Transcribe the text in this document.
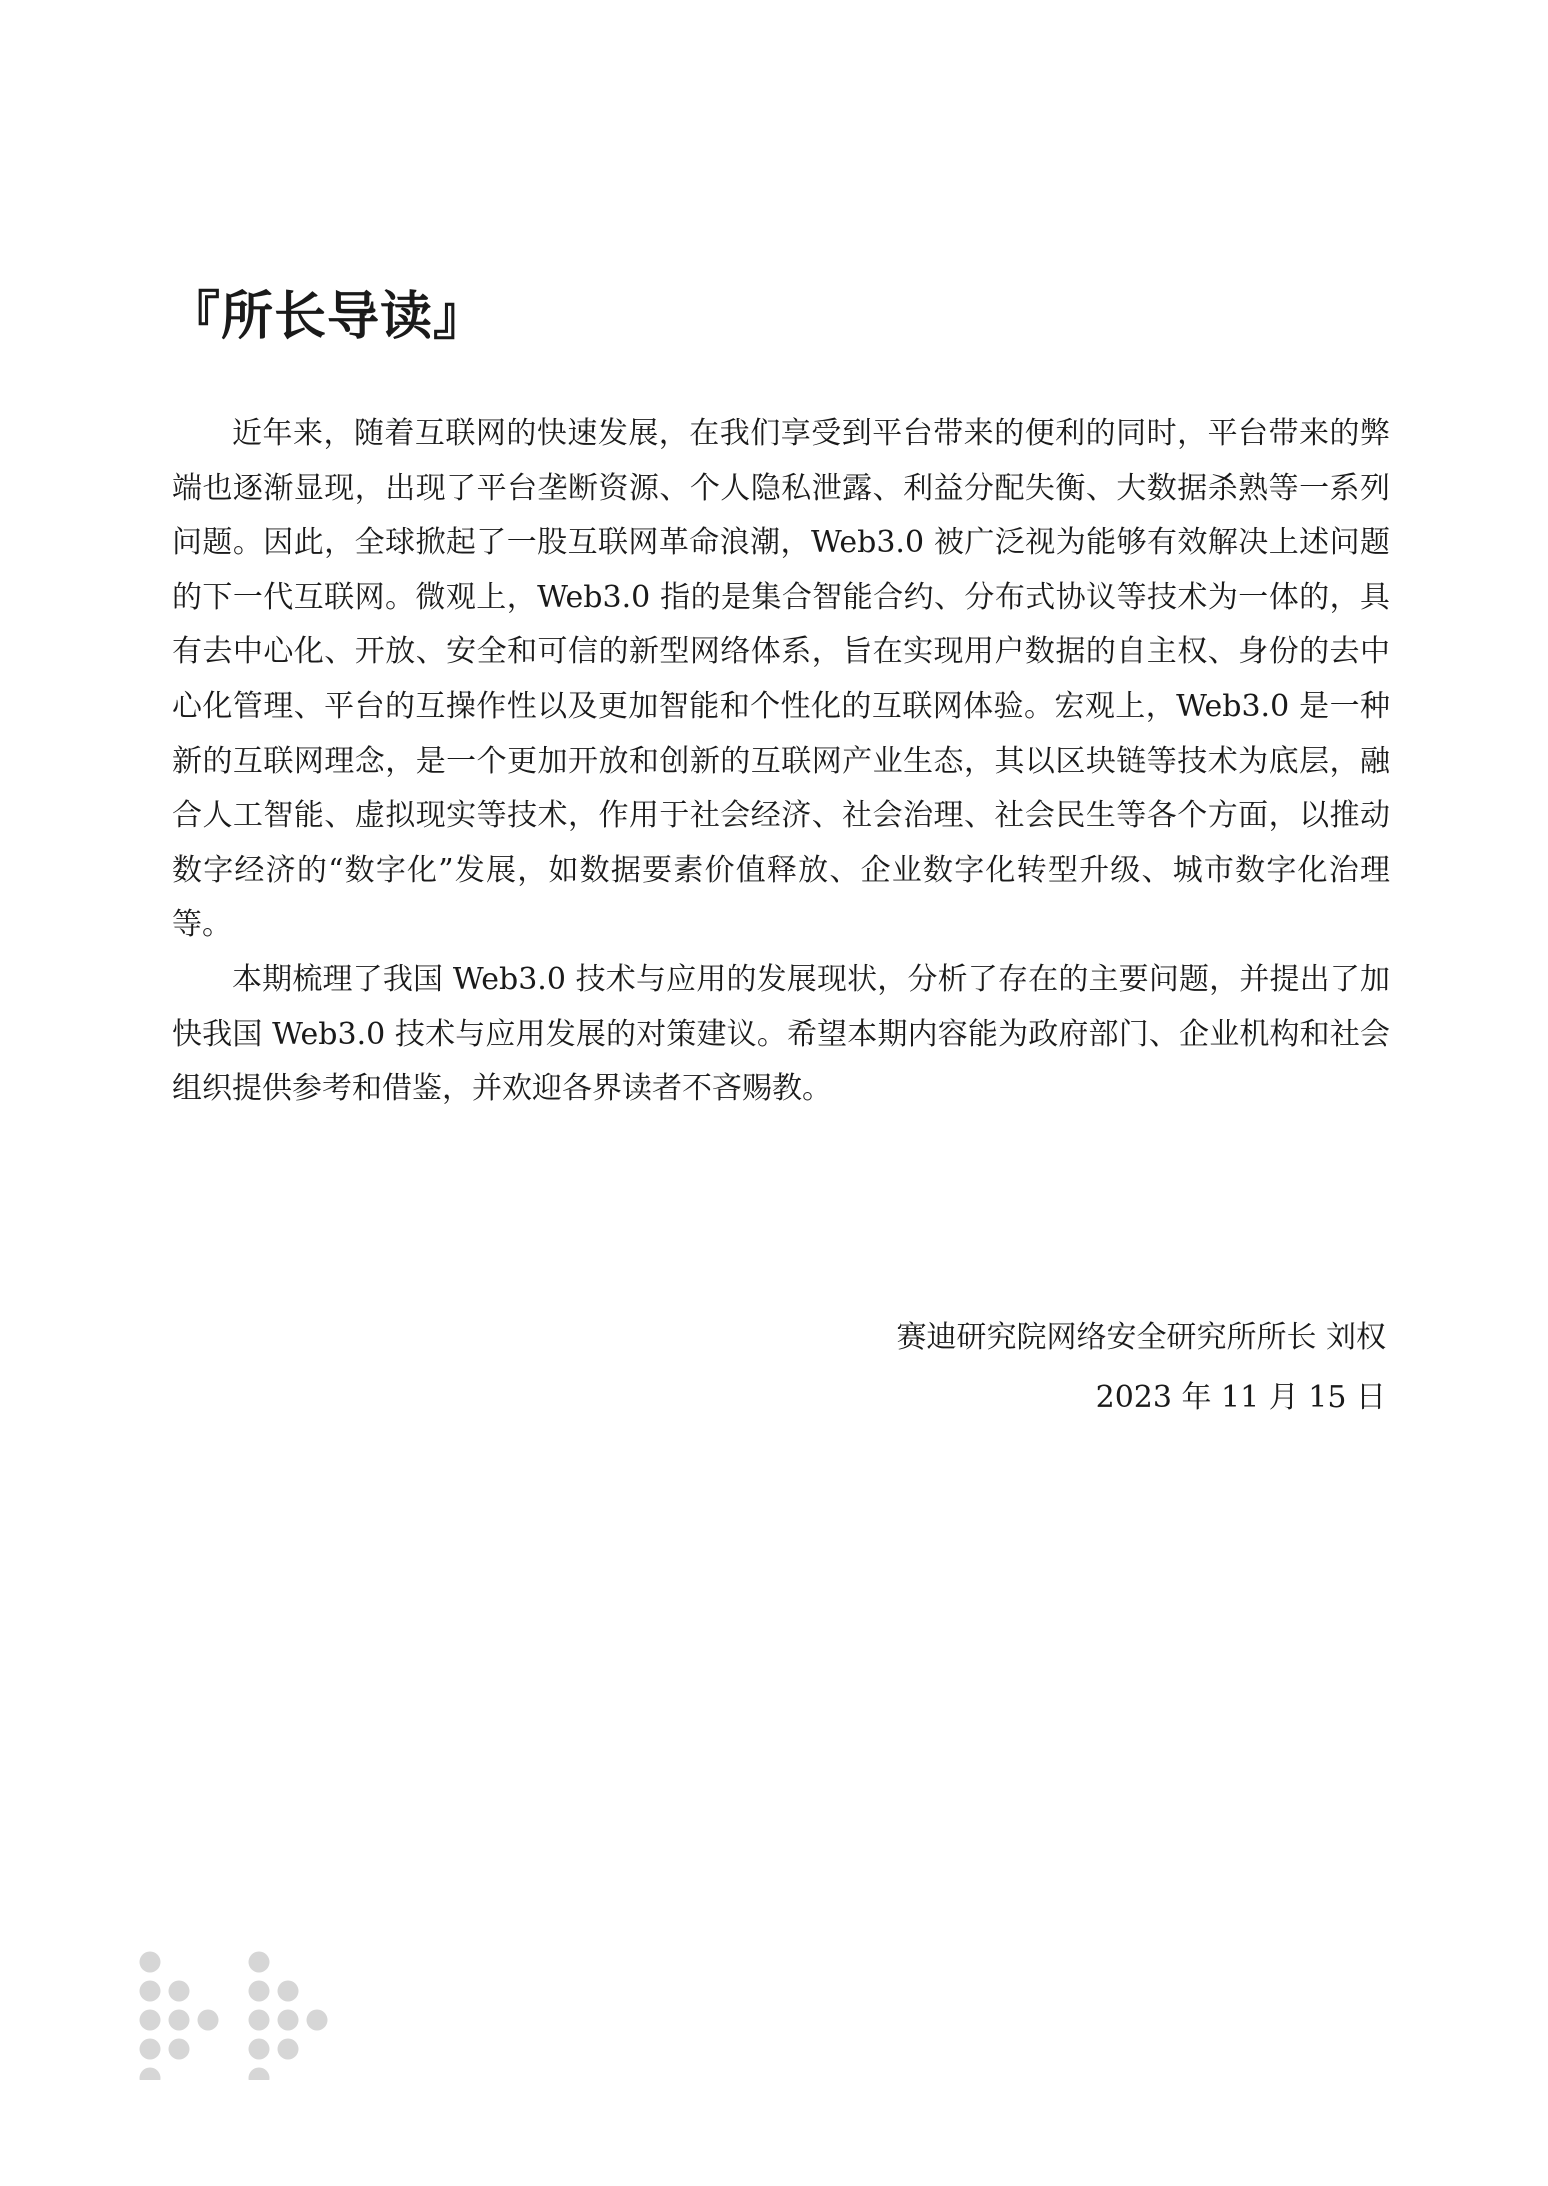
『所长导读』

近年来，随着互联网的快速发展，在我们享受到平台带来的便利的同时，平台带来的弊端也逐渐显现，出现了平台垄断资源、个人隐私泄露、利益分配失衡、大数据杀熟等一系列问题。因此，全球掀起了一股互联网革命浪潮，Web3.0 被广泛视为能够有效解决上述问题的下一代互联网。微观上，Web3.0 指的是集合智能合约、分布式协议等技术为一体的，具有去中心化、开放、安全和可信的新型网络体系，旨在实现用户数据的自主权、身份的去中心化管理、平台的互操作性以及更加智能和个性化的互联网体验。宏观上，Web3.0 是一种新的互联网理念，是一个更加开放和创新的互联网产业生态，其以区块链等技术为底层，融合人工智能、虚拟现实等技术，作用于社会经济、社会治理、社会民生等各个方面，以推动数字经济的“数字化”发展，如数据要素价值释放、企业数字化转型升级、城市数字化治理等。

本期梳理了我国 Web3.0 技术与应用的发展现状，分析了存在的主要问题，并提出了加快我国 Web3.0 技术与应用发展的对策建议。希望本期内容能为政府部门、企业机构和社会组织提供参考和借鉴，并欢迎各界读者不吝赐教。

赛迪研究院网络安全研究所所长 刘权
2023 年 11 月 15 日
